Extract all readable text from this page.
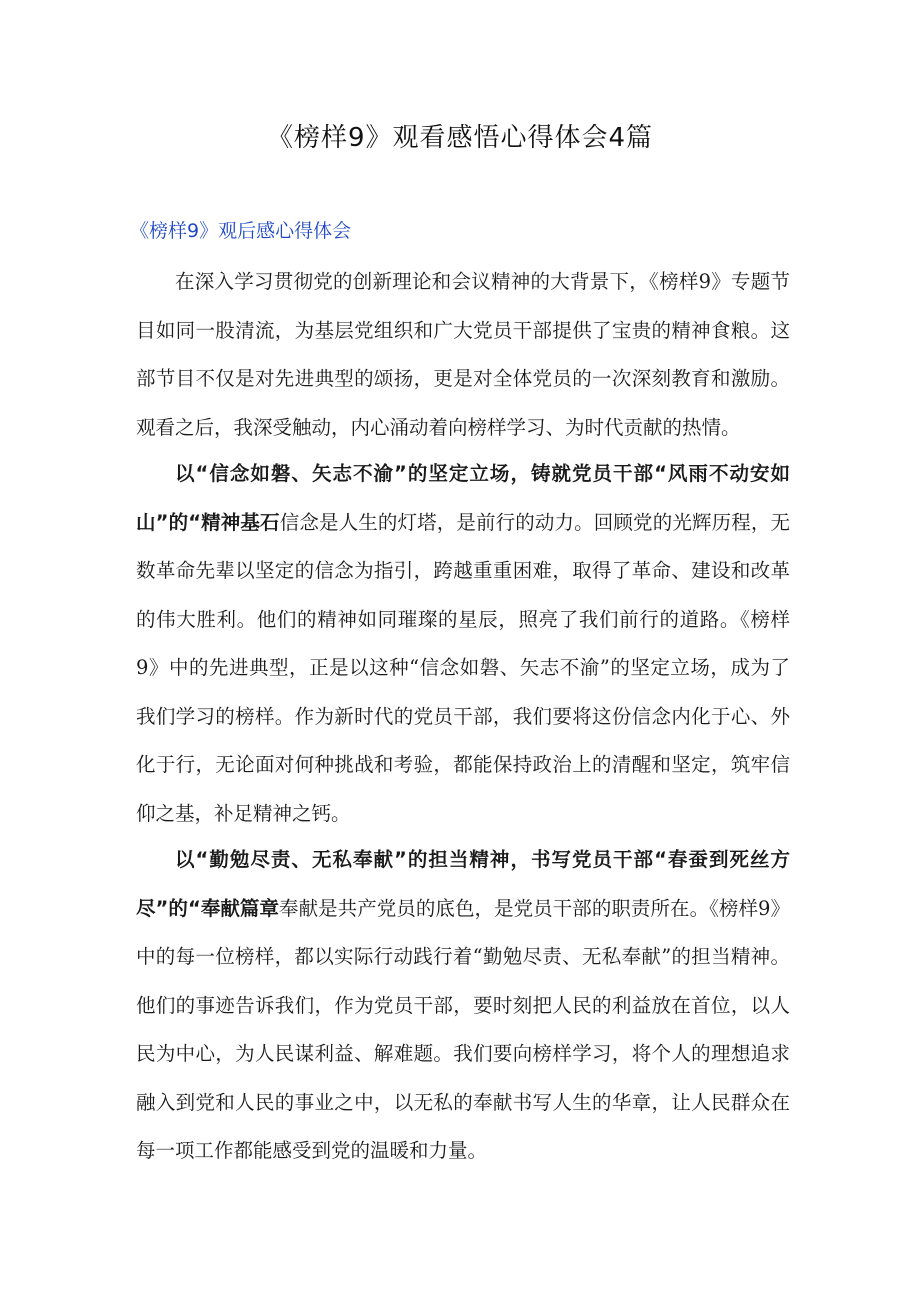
《榜样9》观看感悟心得体会4篇
《榜样9》观后感心得体会

在深入学习贯彻党的创新理论和会议精神的大背景下，《榜样9》专题节目如同一股清流，为基层党组织和广大党员干部提供了宝贵的精神食粮。这部节目不仅是对先进典型的颂扬，更是对全体党员的一次深刻教育和激励。观看之后，我深受触动，内心涌动着向榜样学习、为时代贡献的热情。

以“信念如磐、矢志不渝”的坚定立场，铸就党员干部“风雨不动安如山”的“精神基石信念是人生的灯塔，是前行的动力。回顾党的光辉历程，无数革命先辈以坚定的信念为指引，跨越重重困难，取得了革命、建设和改革的伟大胜利。他们的精神如同璀璨的星辰，照亮了我们前行的道路。《榜样9》中的先进典型，正是以这种“信念如磐、矢志不渝”的坚定立场，成为了我们学习的榜样。作为新时代的党员干部，我们要将这份信念内化于心、外化于行，无论面对何种挑战和考验，都能保持政治上的清醒和坚定，筑牢信仰之基，补足精神之钙。

以“勤勉尽责、无私奉献”的担当精神，书写党员干部“春蚕到死丝方尽”的“奉献篇章奉献是共产党员的底色，是党员干部的职责所在。《榜样9》中的每一位榜样，都以实际行动践行着“勤勉尽责、无私奉献”的担当精神。他们的事迹告诉我们，作为党员干部，要时刻把人民的利益放在首位，以人民为中心，为人民谋利益、解难题。我们要向榜样学习，将个人的理想追求融入到党和人民的事业之中，以无私的奉献书写人生的华章，让人民群众在每一项工作都能感受到党的温暖和力量。
